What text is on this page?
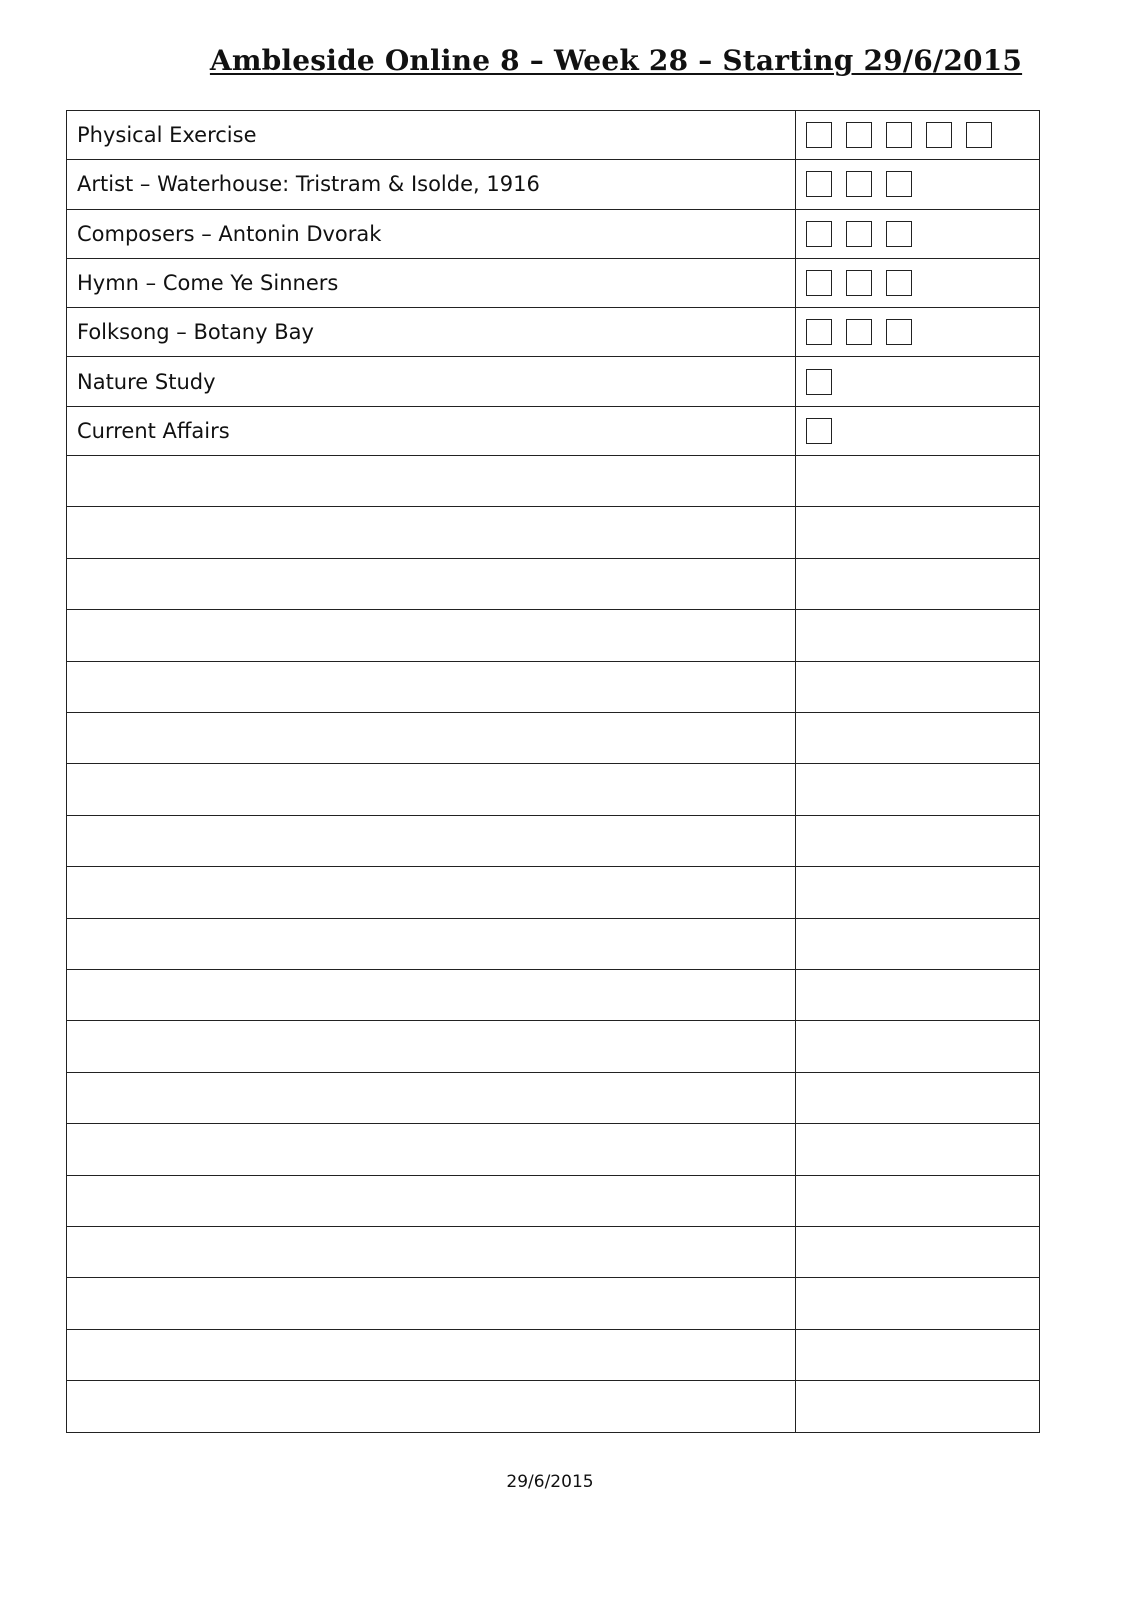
Ambleside Online 8 – Week 28 – Starting 29/6/2015
Physical Exercise
Artist – Waterhouse: Tristram & Isolde, 1916
Composers – Antonin Dvorak
Hymn – Come Ye Sinners
Folksong – Botany Bay
Nature Study
Current Affairs
29/6/2015
